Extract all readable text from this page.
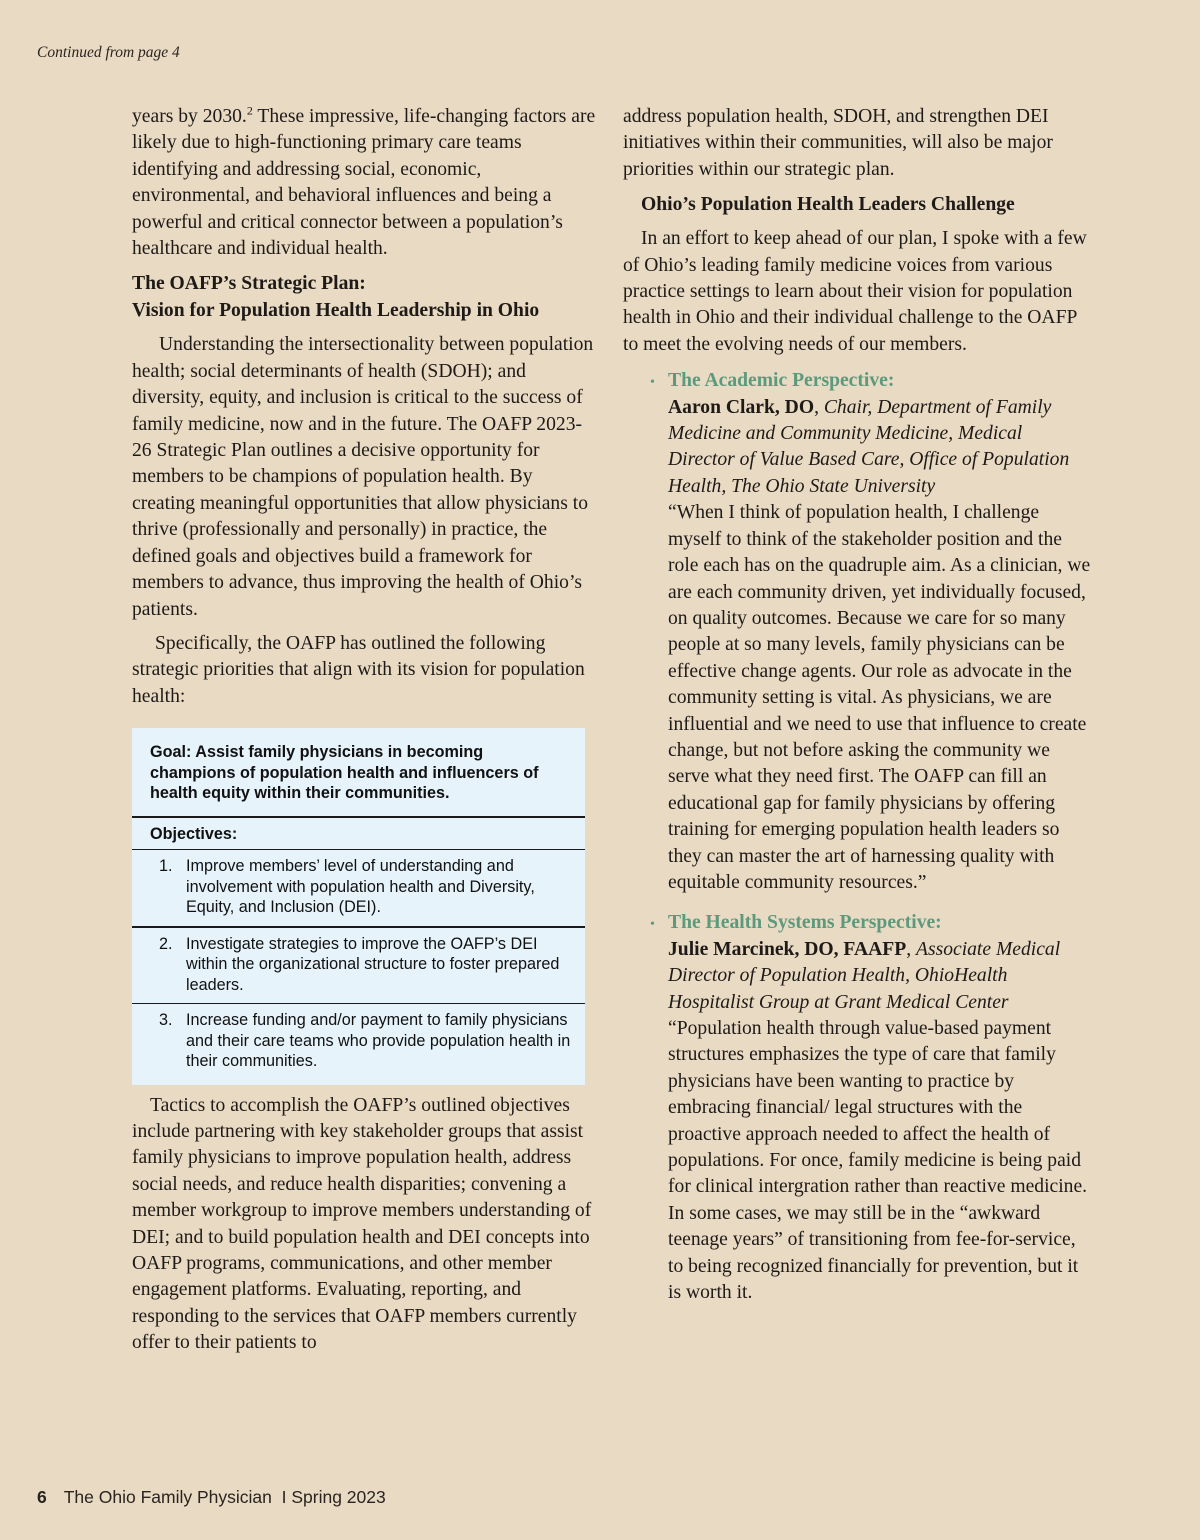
Continued from page 4

years by 2030.$^2$ These impressive, life-changing factors are likely due to high-functioning primary care teams identifying and addressing social, economic, environmental, and behavioral influences and being a powerful and critical connector between a population’s healthcare and individual health.

The OAFP’s Strategic Plan:
Vision for Population Health Leadership in Ohio

Understanding the intersectionality between population health; social determinants of health (SDOH); and diversity, equity, and inclusion is critical to the success of family medicine, now and in the future. The OAFP 2023-26 Strategic Plan outlines a decisive opportunity for members to be champions of population health. By creating meaningful opportunities that allow physicians to thrive (professionally and personally) in practice, the defined goals and objectives build a framework for members to advance, thus improving the health of Ohio’s patients.

Specifically, the OAFP has outlined the following strategic priorities that align with its vision for population health:

Goal: Assist family physicians in becoming champions of population health and influencers of health equity within their communities.
Objectives:
1. Improve members’ level of understanding and involvement with population health and Diversity, Equity, and Inclusion (DEI).
2. Investigate strategies to improve the OAFP’s DEI within the organizational structure to foster prepared leaders.
3. Increase funding and/or payment to family physicians and their care teams who provide population health in their communities.

Tactics to accomplish the OAFP’s outlined objectives include partnering with key stakeholder groups that assist family physicians to improve population health, address social needs, and reduce health disparities; convening a member workgroup to improve members understanding of DEI; and to build population health and DEI concepts into OAFP programs, communications, and other member engagement platforms. Evaluating, reporting, and responding to the services that OAFP members currently offer to their patients to

address population health, SDOH, and strengthen DEI initiatives within their communities, will also be major priorities within our strategic plan.

Ohio’s Population Health Leaders Challenge

In an effort to keep ahead of our plan, I spoke with a few of Ohio’s leading family medicine voices from various practice settings to learn about their vision for population health in Ohio and their individual challenge to the OAFP to meet the evolving needs of our members.

• The Academic Perspective:
Aaron Clark, DO, Chair, Department of Family Medicine and Community Medicine, Medical Director of Value Based Care, Office of Population Health, The Ohio State University
“When I think of population health, I challenge myself to think of the stakeholder position and the role each has on the quadruple aim. As a clinician, we are each community driven, yet individually focused, on quality outcomes. Because we care for so many people at so many levels, family physicians can be effective change agents. Our role as advocate in the community setting is vital. As physicians, we are influential and we need to use that influence to create change, but not before asking the community we serve what they need first. The OAFP can fill an educational gap for family physicians by offering training for emerging population health leaders so they can master the art of harnessing quality with equitable community resources.”
• The Health Systems Perspective:
Julie Marcinek, DO, FAAFP, Associate Medical Director of Population Health, OhioHealth Hospitalist Group at Grant Medical Center
“Population health through value-based payment structures emphasizes the type of care that family physicians have been wanting to practice by embracing financial/ legal structures with the proactive approach needed to affect the health of populations. For once, family medicine is being paid for clinical intergration rather than reactive medicine. In some cases, we may still be in the “awkward teenage years” of transitioning from fee-for-service, to being recognized financially for prevention, but it is worth it.
6 The Ohio Family Physician I Spring 2023
